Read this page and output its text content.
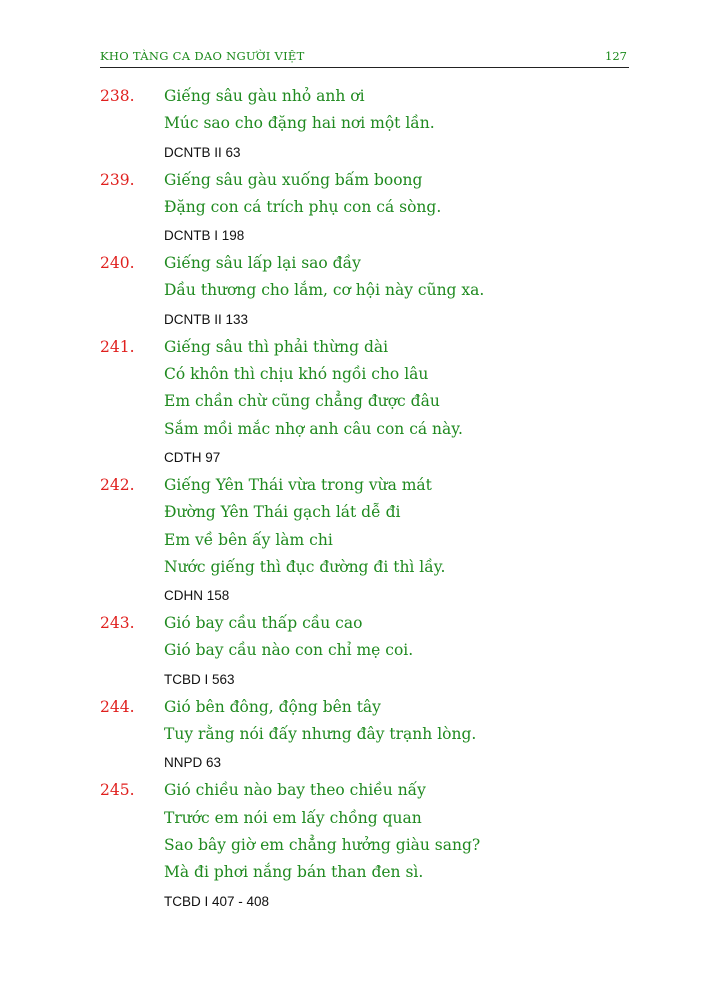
KHO TÀNG CA DAO NGƯỜI VIỆT	127
238. Giếng sâu gàu nhỏ anh ơi
Múc sao cho đặng hai nơi một lần.
DCNTB II 63
239. Giếng sâu gàu xuống bấm boong
Đặng con cá trích phụ con cá sòng.
DCNTB I 198
240. Giếng sâu lấp lại sao đầy
Dầu thương cho lắm, cơ hội này cũng xa.
DCNTB II 133
241. Giếng sâu thì phải thừng dài
Có khôn thì chịu khó ngồi cho lâu
Em chần chừ cũng chẳng được đâu
Sắm mồi mắc nhợ anh câu con cá này.
CDTH 97
242. Giếng Yên Thái vừa trong vừa mát
Đường Yên Thái gạch lát dễ đi
Em về bên ấy làm chi
Nước giếng thì đục đường đi thì lầy.
CDHN 158
243. Gió bay cầu thấp cầu cao
Gió bay cầu nào con chỉ mẹ coi.
TCBD I 563
244. Gió bên đông, động bên tây
Tuy rằng nói đấy nhưng đây trạnh lòng.
NNPD 63
245. Gió chiều nào bay theo chiều nấy
Trước em nói em lấy chồng quan
Sao bây giờ em chẳng hưởng giàu sang?
Mà đi phơi nắng bán than đen sì.
TCBD I 407 - 408
